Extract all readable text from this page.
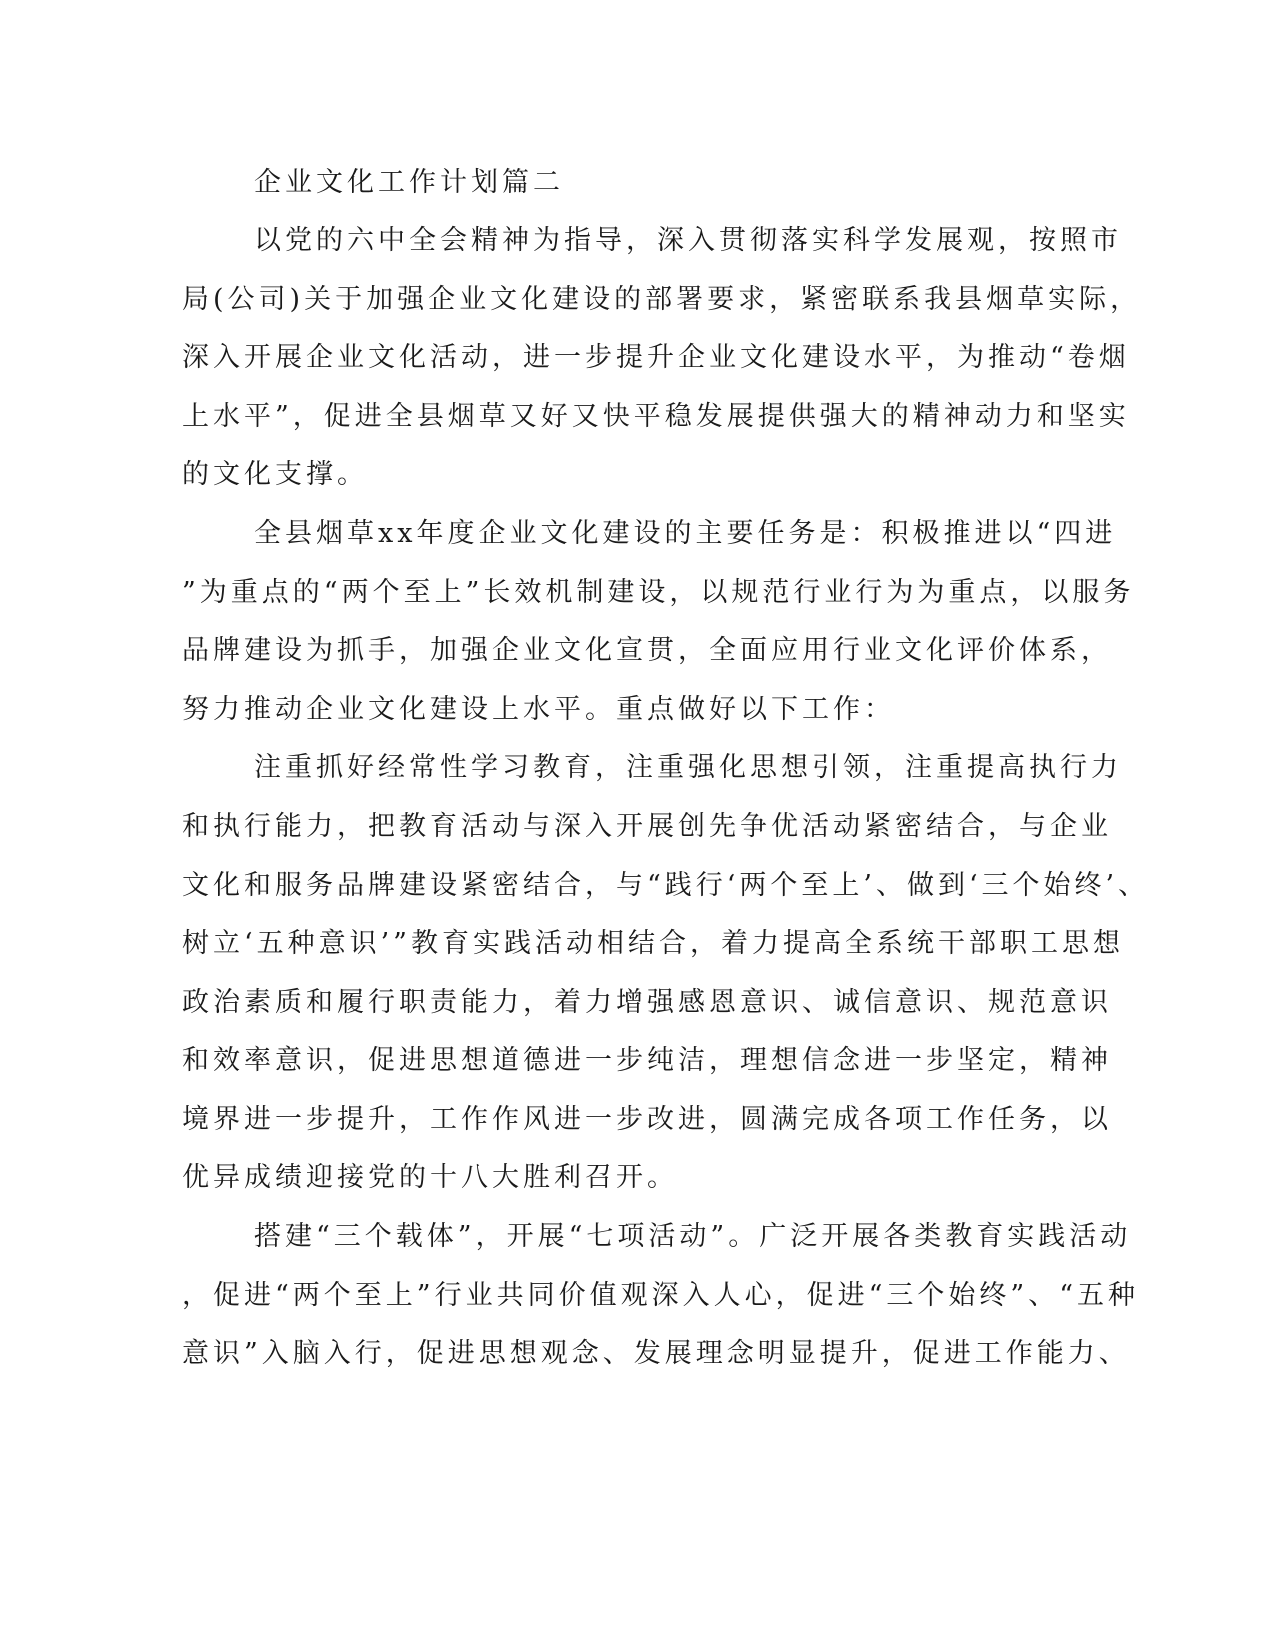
企业文化工作计划篇二

以党的六中全会精神为指导，深入贯彻落实科学发展观，按照市

局(公司)关于加强企业文化建设的部署要求，紧密联系我县烟草实际，

深入开展企业文化活动，进一步提升企业文化建设水平，为推动“卷烟

上水平”，促进全县烟草又好又快平稳发展提供强大的精神动力和坚实

的文化支撑。

全县烟草xx年度企业文化建设的主要任务是：积极推进以“四进

”为重点的“两个至上”长效机制建设，以规范行业行为为重点，以服务

品牌建设为抓手，加强企业文化宣贯，全面应用行业文化评价体系，

努力推动企业文化建设上水平。重点做好以下工作：

注重抓好经常性学习教育，注重强化思想引领，注重提高执行力

和执行能力，把教育活动与深入开展创先争优活动紧密结合，与企业

文化和服务品牌建设紧密结合，与“践行‘两个至上’、做到‘三个始终’、

树立‘五种意识’”教育实践活动相结合，着力提高全系统干部职工思想

政治素质和履行职责能力，着力增强感恩意识、诚信意识、规范意识

和效率意识，促进思想道德进一步纯洁，理想信念进一步坚定，精神

境界进一步提升，工作作风进一步改进，圆满完成各项工作任务，以

优异成绩迎接党的十八大胜利召开。

搭建“三个载体”，开展“七项活动”。广泛开展各类教育实践活动

，促进“两个至上”行业共同价值观深入人心，促进“三个始终”、“五种

意识”入脑入行，促进思想观念、发展理念明显提升，促进工作能力、
